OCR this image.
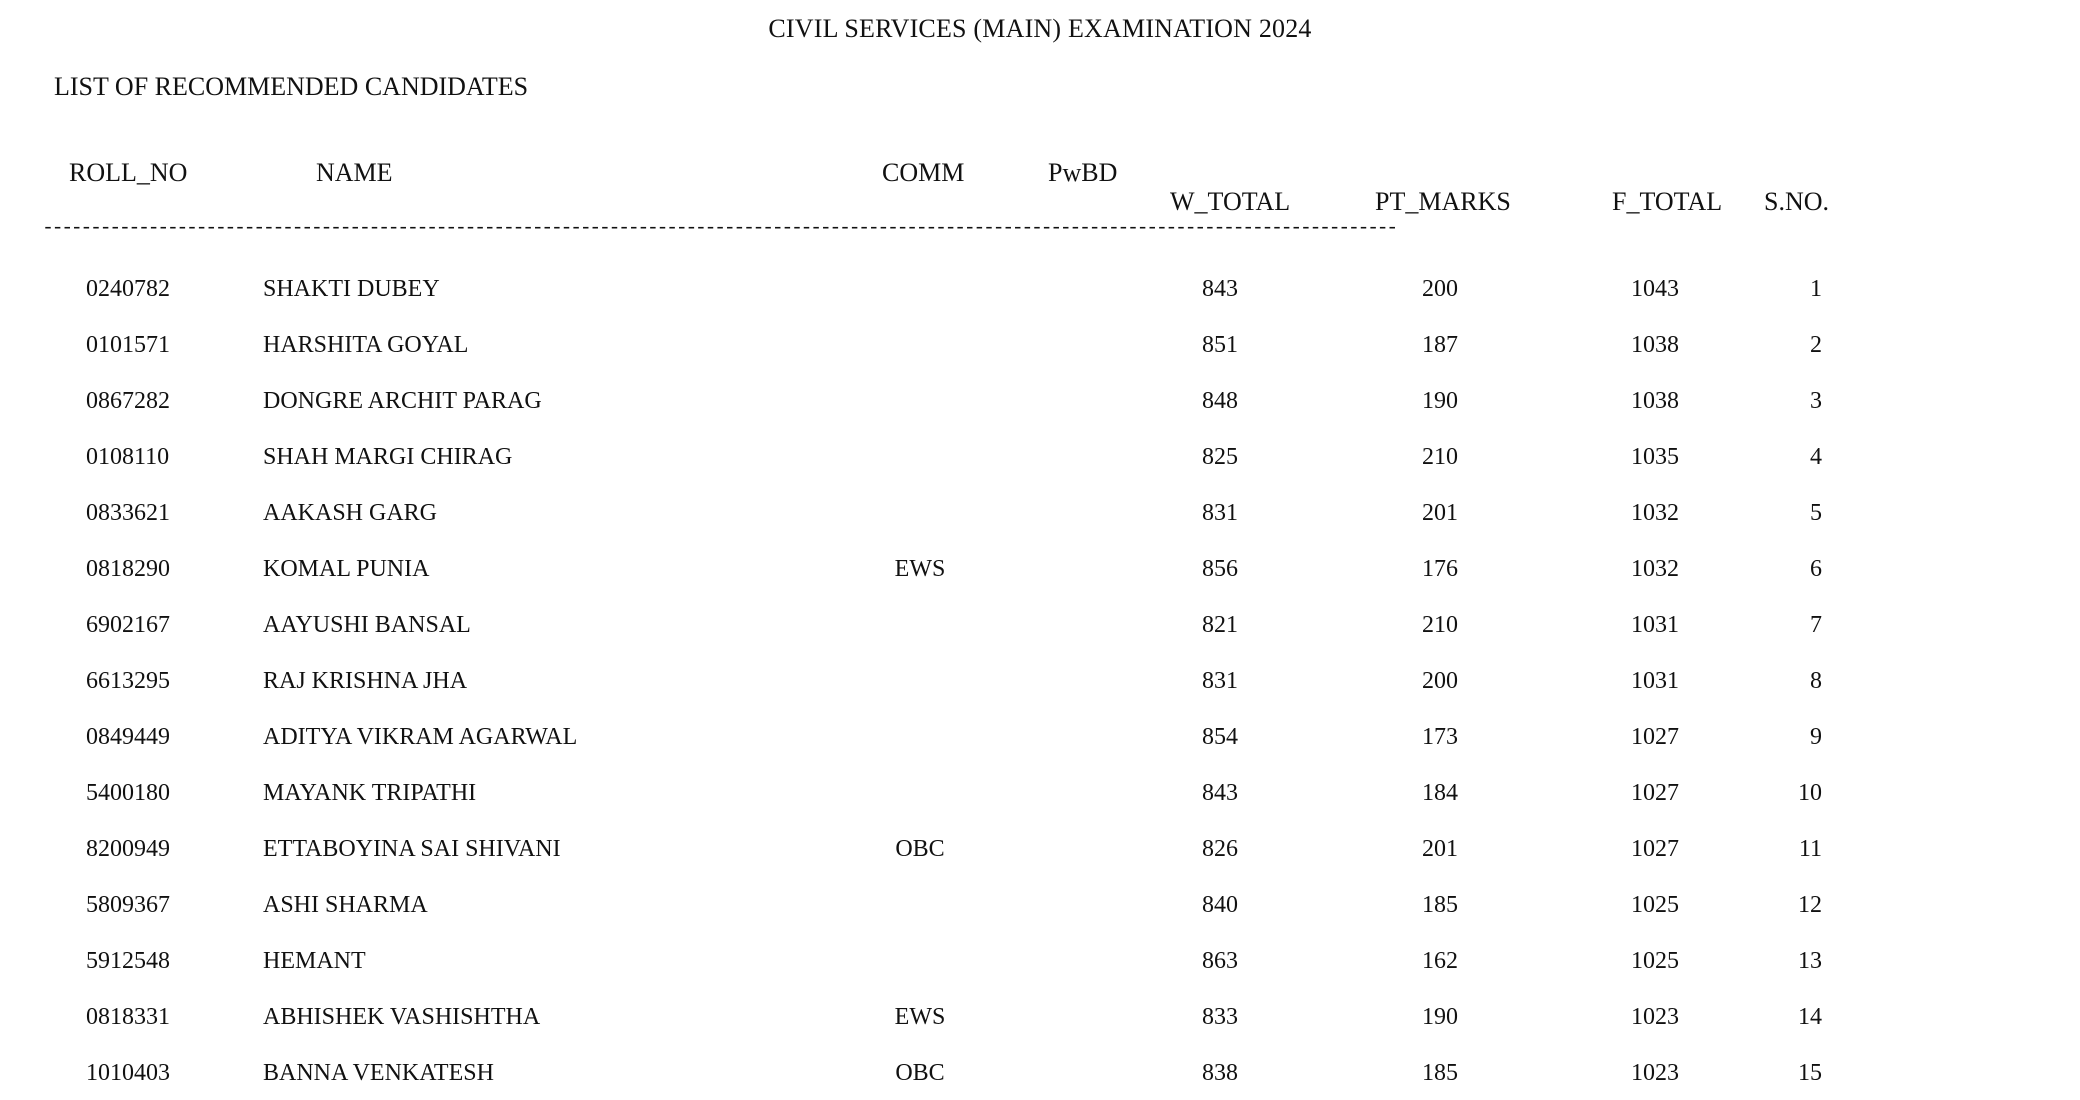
CIVIL SERVICES (MAIN) EXAMINATION 2024
LIST OF RECOMMENDED CANDIDATES
ROLL_NO	NAME	COMM	PwBD
W_TOTAL	PT_MARKS	F_TOTAL S.NO.
---------------------------------------------------------------------------------------------------------------------------------------------
0240782	SHAKTI DUBEY	843	200	1043	1
0101571	HARSHITA GOYAL	851	187	1038	2
0867282	DONGRE ARCHIT PARAG	848	190	1038	3
0108110	SHAH MARGI CHIRAG	825	210	1035	4
0833621	AAKASH GARG	831	201	1032	5
0818290	KOMAL PUNIA	EWS	856	176	1032	6
6902167	AAYUSHI BANSAL	821	210	1031	7
6613295	RAJ KRISHNA JHA	831	200	1031	8
0849449	ADITYA VIKRAM AGARWAL	854	173	1027	9
5400180	MAYANK TRIPATHI	843	184	1027	10
8200949	ETTABOYINA SAI SHIVANI	OBC	826	201	1027	11
5809367	ASHI SHARMA	840	185	1025	12
5912548	HEMANT	863	162	1025	13
0818331	ABHISHEK VASHISHTHA	EWS	833	190	1023	14
1010403	BANNA VENKATESH	OBC	838	185	1023	15
